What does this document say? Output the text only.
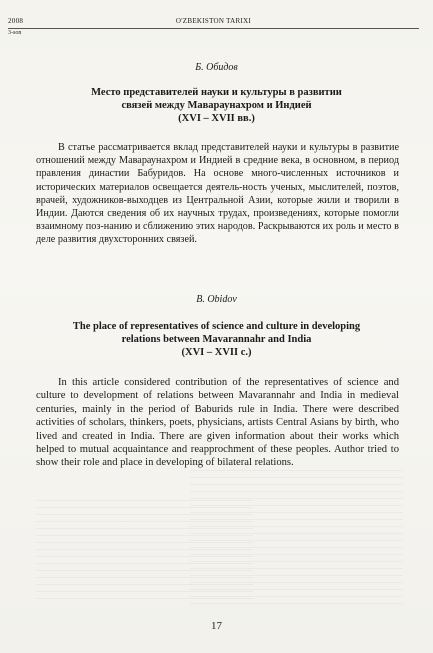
2008	O'ZBEKISTON TARIXI
3-son
Б. Обидов
Место представителей науки и культуры в развитии
связей между Мавараунахром и Индией
(XVI – XVII вв.)

В статье рассматривается вклад представителей науки и культуры в развитие отношений между Мавараунахром и Индией в средние века, в основном, в период правления династии Бабуридов. На основе много-численных источников и исторических материалов освещается деятель-ность ученых, мыслителей, поэтов, врачей, художников-выходцев из Центральной Азии, которые жили и творили в Индии. Даются сведения об их научных трудах, произведениях, которые помогли взаимному поз-нанию и сближению этих народов. Раскрываются их роль и место в деле развития двухсторонних связей.

B. Obidov
The place of representatives of science and culture in developing
relations between Mavarannahr and India
(XVI – XVII c.)

In this article considered contribution of the representatives of science and culture to development of relations between Mavarannahr and India in medieval centuries, mainly in the period of Baburids rule in India. There were described activities of scholars, thinkers, poets, physicians, artists Central Asians by birth, who lived and created in India. There are given information about their works which helped to mutual acquaintance and reapprochment of these peoples. Author tried to show their role and place in developing of bilateral relations.

17
